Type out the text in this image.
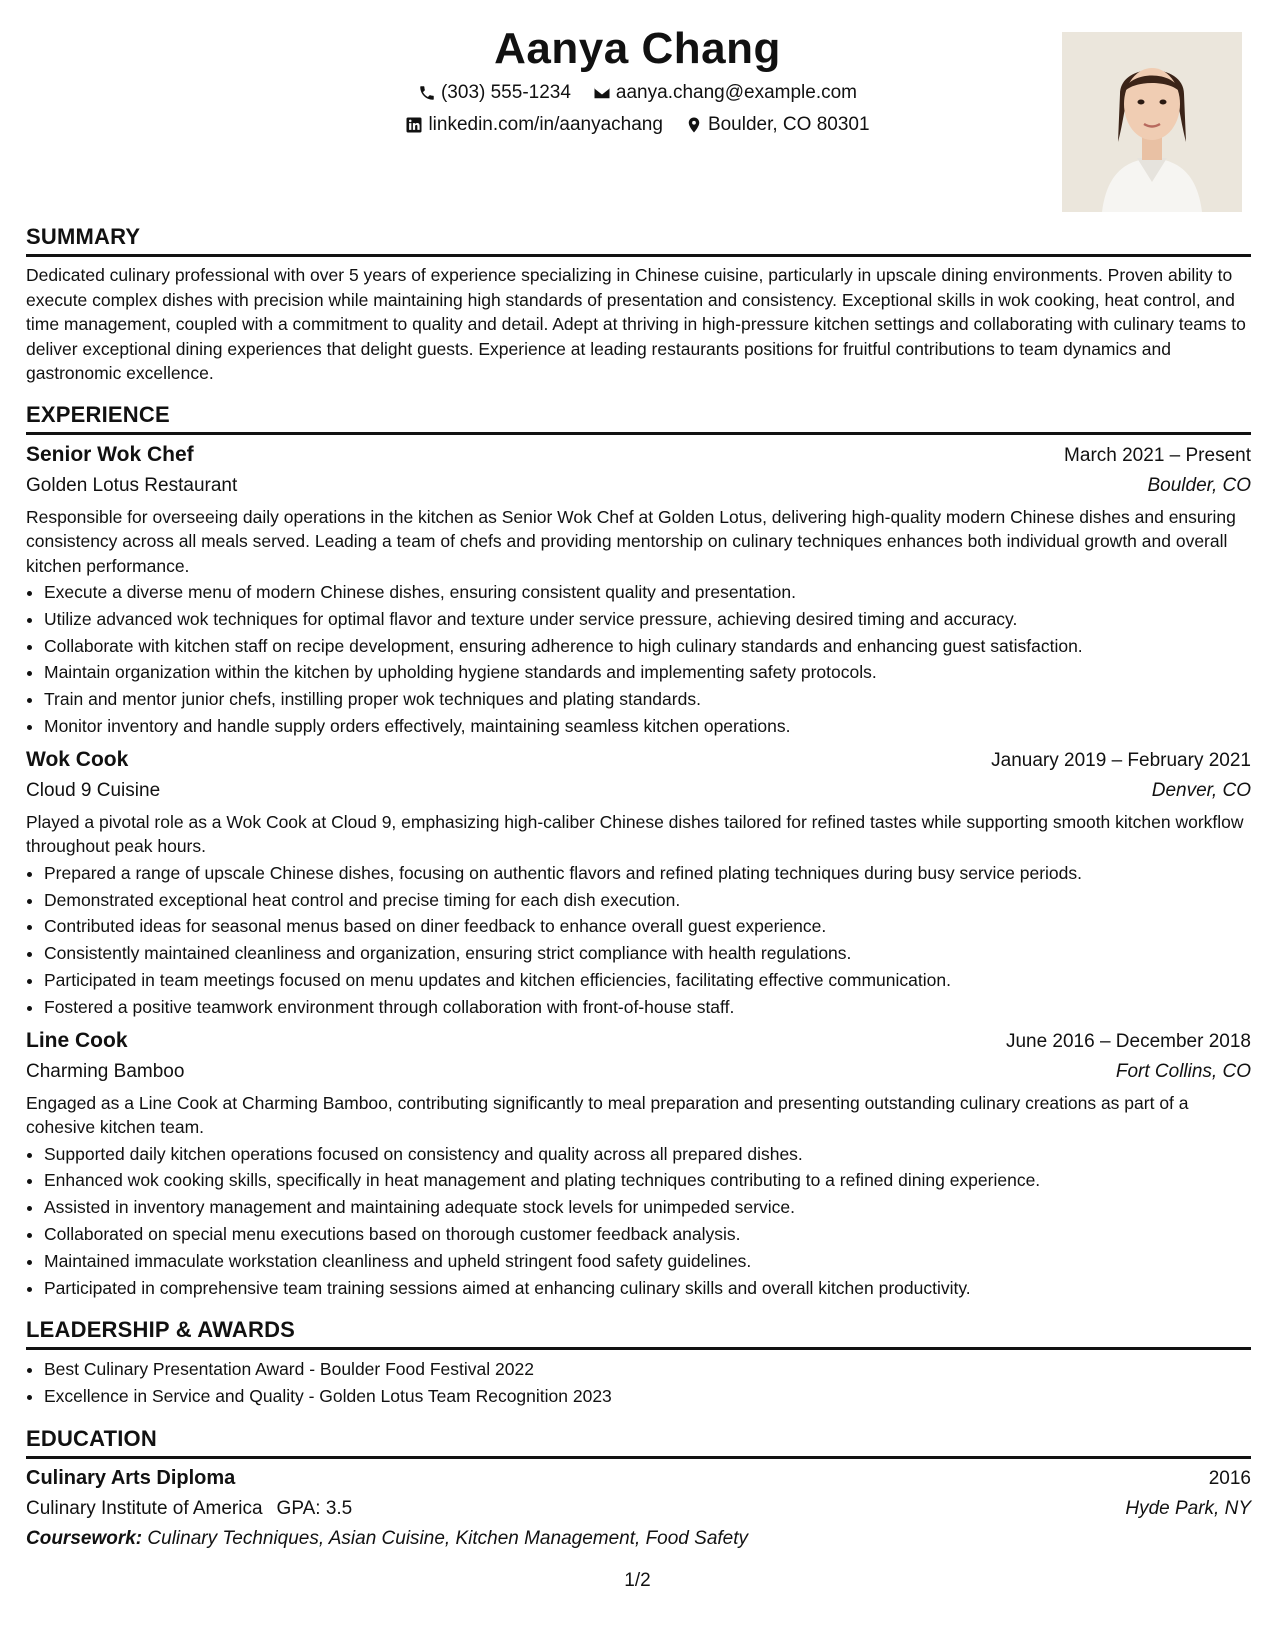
Aanya Chang
(303) 555-1234 aanya.chang@example.com
linkedin.com/in/aanyachang Boulder, CO 80301
SUMMARY

Dedicated culinary professional with over 5 years of experience specializing in Chinese cuisine, particularly in upscale dining environments. Proven ability to execute complex dishes with precision while maintaining high standards of presentation and consistency. Exceptional skills in wok cooking, heat control, and time management, coupled with a commitment to quality and detail. Adept at thriving in high-pressure kitchen settings and collaborating with culinary teams to deliver exceptional dining experiences that delight guests. Experience at leading restaurants positions for fruitful contributions to team dynamics and gastronomic excellence.

EXPERIENCE
Senior Wok Chef	March 2021 – Present
Golden Lotus Restaurant	Boulder, CO

Responsible for overseeing daily operations in the kitchen as Senior Wok Chef at Golden Lotus, delivering high-quality modern Chinese dishes and ensuring consistency across all meals served. Leading a team of chefs and providing mentorship on culinary techniques enhances both individual growth and overall kitchen performance.

• Execute a diverse menu of modern Chinese dishes, ensuring consistent quality and presentation.
• Utilize advanced wok techniques for optimal flavor and texture under service pressure, achieving desired timing and accuracy.
• Collaborate with kitchen staff on recipe development, ensuring adherence to high culinary standards and enhancing guest satisfaction.
• Maintain organization within the kitchen by upholding hygiene standards and implementing safety protocols.
• Train and mentor junior chefs, instilling proper wok techniques and plating standards.
• Monitor inventory and handle supply orders effectively, maintaining seamless kitchen operations.
Wok Cook	January 2019 – February 2021
Cloud 9 Cuisine	Denver, CO

Played a pivotal role as a Wok Cook at Cloud 9, emphasizing high-caliber Chinese dishes tailored for refined tastes while supporting smooth kitchen workflow throughout peak hours.

• Prepared a range of upscale Chinese dishes, focusing on authentic flavors and refined plating techniques during busy service periods.
• Demonstrated exceptional heat control and precise timing for each dish execution.
• Contributed ideas for seasonal menus based on diner feedback to enhance overall guest experience.
• Consistently maintained cleanliness and organization, ensuring strict compliance with health regulations.
• Participated in team meetings focused on menu updates and kitchen efficiencies, facilitating effective communication.
• Fostered a positive teamwork environment through collaboration with front-of-house staff.
Line Cook	June 2016 – December 2018
Charming Bamboo	Fort Collins, CO

Engaged as a Line Cook at Charming Bamboo, contributing significantly to meal preparation and presenting outstanding culinary creations as part of a cohesive kitchen team.

• Supported daily kitchen operations focused on consistency and quality across all prepared dishes.
• Enhanced wok cooking skills, specifically in heat management and plating techniques contributing to a refined dining experience.
• Assisted in inventory management and maintaining adequate stock levels for unimpeded service.
• Collaborated on special menu executions based on thorough customer feedback analysis.
• Maintained immaculate workstation cleanliness and upheld stringent food safety guidelines.
• Participated in comprehensive team training sessions aimed at enhancing culinary skills and overall kitchen productivity.
LEADERSHIP & AWARDS
• Best Culinary Presentation Award - Boulder Food Festival 2022
• Excellence in Service and Quality - Golden Lotus Team Recognition 2023
EDUCATION
Culinary Arts Diploma	2016
Culinary Institute of America GPA: 3.5	Hyde Park, NY
Coursework: Culinary Techniques, Asian Cuisine, Kitchen Management, Food Safety
1/2
